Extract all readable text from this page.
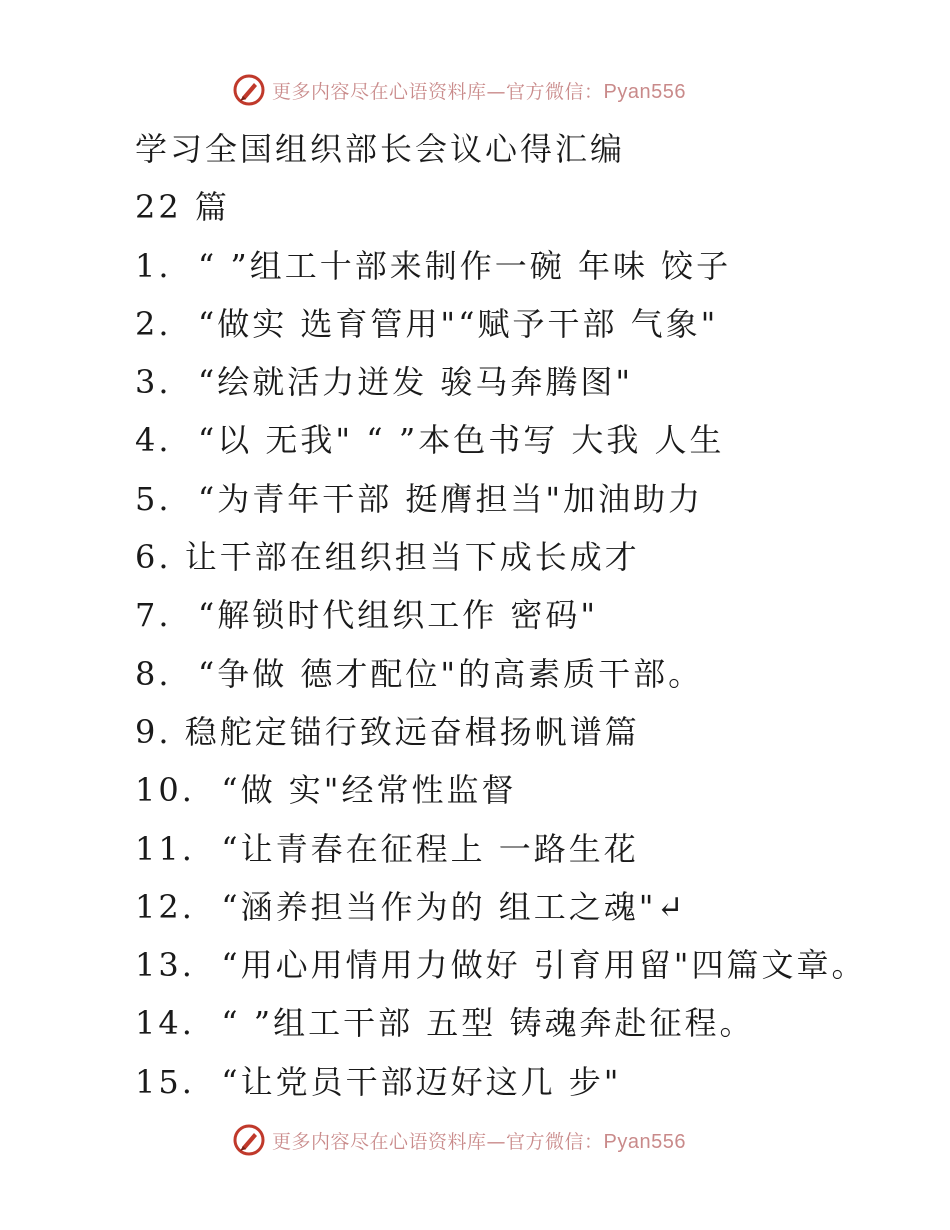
更多内容尽在心语资料库—官方微信：Pyan556
学习全国组织部长会议心得汇编
22 篇
1. “ ”组工十部来制作一碗 年味 饺子
2. “做实 选育管用"“赋予干部 气象"
3. “绘就活力迸发 骏马奔腾图"
4. “以 无我" “ ”本色书写 大我 人生
5. “为青年干部 挺膺担当"加油助力
6. 让干部在组织担当下成长成才
7. “解锁时代组织工作 密码"
8. “争做 德才配位"的高素质干部。
9. 稳舵定锚行致远奋楫扬帆谱篇
10. “做 实"经常性监督
11. “让青春在征程上 一路生花
12. “涵养担当作为的 组工之魂"↵
13. “用心用情用力做好 引育用留"四篇文章。
14. “ ”组工干部 五型 铸魂奔赴征程。
15. “让党员干部迈好这几 步"
更多内容尽在心语资料库—官方微信：Pyan556
